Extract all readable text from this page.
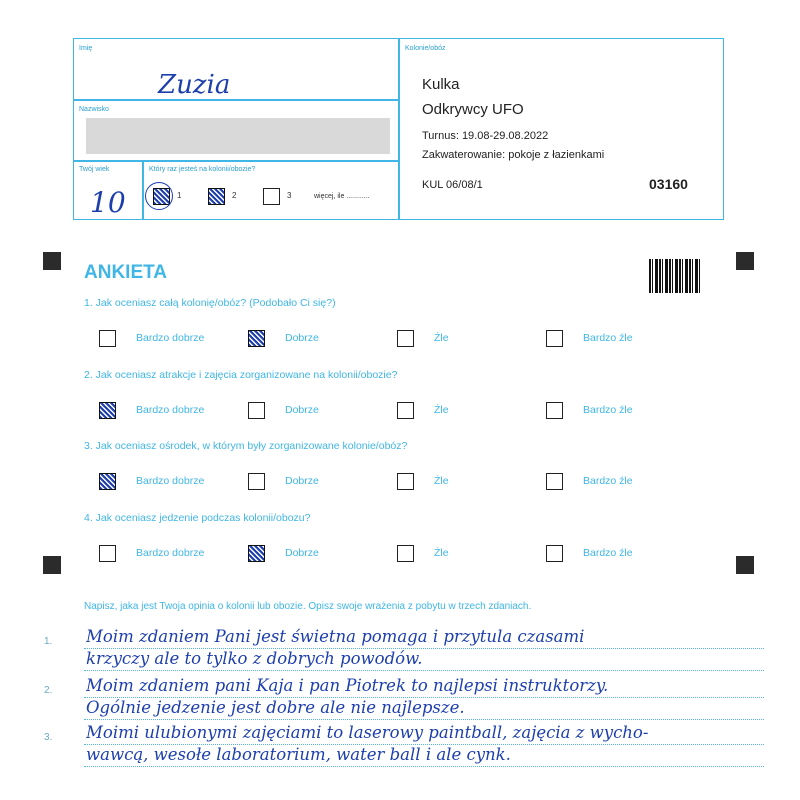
Imię
Zuzia
Nazwisko
Twój wiek
10
Który raz jesteś na kolonii/obozie?
1	2	3	więcej, ile ............
Kolonie/obóz
Kulka
Odkrywcy UFO
Turnus: 19.08-29.08.2022
Zakwaterowanie: pokoje z łazienkami
KUL 06/08/1	03160
ANKIETA
1. Jak oceniasz całą kolonię/obóz? (Podobało Ci się?)
Bardzo dobrze	Dobrze	Źle	Bardzo źle
2. Jak oceniasz atrakcje i zajęcia zorganizowane na kolonii/obozie?
Bardzo dobrze	Dobrze	Źle	Bardzo źle
3. Jak oceniasz ośrodek, w którym były zorganizowane kolonie/obóz?
Bardzo dobrze	Dobrze	Źle	Bardzo źle
4. Jak oceniasz jedzenie podczas kolonii/obozu?
Bardzo dobrze	Dobrze	Źle	Bardzo źle
Napisz, jaka jest Twoja opinia o kolonii lub obozie. Opisz swoje wrażenia z pobytu w trzech zdaniach.
1. Moim zdaniem Pani jest świetna pomaga i przytula czasami
krzyczy ale to tylko z dobrych powodów.
2. Moim zdaniem pani Kaja i pan Piotrek to najlepsi instruktorzy.
Ogólnie jedzenie jest dobre ale nie najlepsze.
3. Moimi ulubionymi zajęciami to laserowy paintball, zajęcia z wycho-
wawcą, wesołe laboratorium, water ball i ale cynk.
